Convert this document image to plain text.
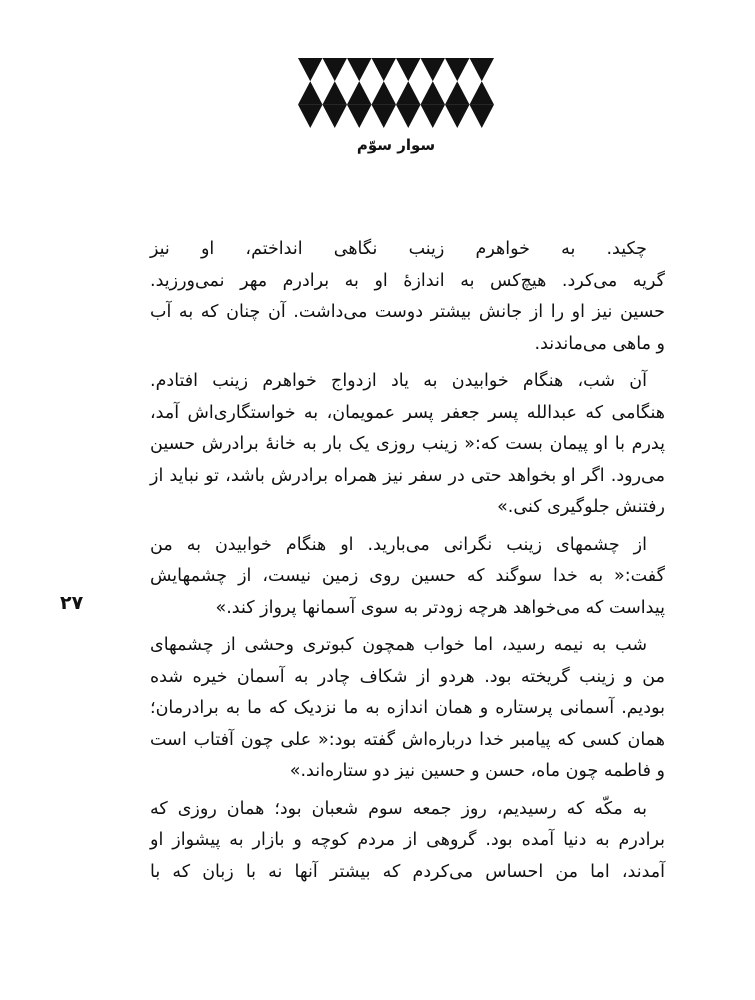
سوار سوّم
۲۷
چکید. به خواهرم زینب نگاهی انداختم، او نیز
گریه می‌کرد. هیچ‌کس به اندازهٔ او به برادرم مهر نمی‌ورزید.
حسین نیز او را از جانش بیشتر دوست می‌داشت. آن چنان که به آب
و ماهی می‌ماندند.
آن شب، هنگام خوابیدن به یاد ازدواج خواهرم زینب افتادم.
هنگامی که عبدالله پسر جعفر پسر عمویمان، به خواستگاری‌اش آمد،
پدرم با او پیمان بست که:« زینب روزی یک بار به خانهٔ برادرش حسین
می‌رود. اگر او بخواهد حتی در سفر نیز همراه برادرش باشد، تو نباید از
رفتنش جلوگیری کنی.»
از چشمهای زینب نگرانی می‌بارید. او هنگام خوابیدن به من
گفت:« به خدا سوگند که حسین روی زمین نیست، از چشمهایش
پیداست که می‌خواهد هرچه زودتر به سوی آسمانها پرواز کند.»
شب به نیمه رسید، اما خواب همچون کبوتری وحشی از چشمهای
من و زینب گریخته بود. هردو از شکاف چادر به آسمان خیره شده
بودیم. آسمانی پرستاره و همان اندازه به ما نزدیک که ما به برادرمان؛
همان کسی که پیامبر خدا درباره‌اش گفته بود:« علی چون آفتاب است
و فاطمه چون ماه، حسن و حسین نیز دو ستاره‌اند.»
به مکّه که رسیدیم، روز جمعه سوم شعبان بود؛ همان روزی که
برادرم به دنیا آمده بود. گروهی از مردم کوچه و بازار به پیشواز او
آمدند، اما من احساس می‌کردم که بیشتر آنها نه با زبان که با
